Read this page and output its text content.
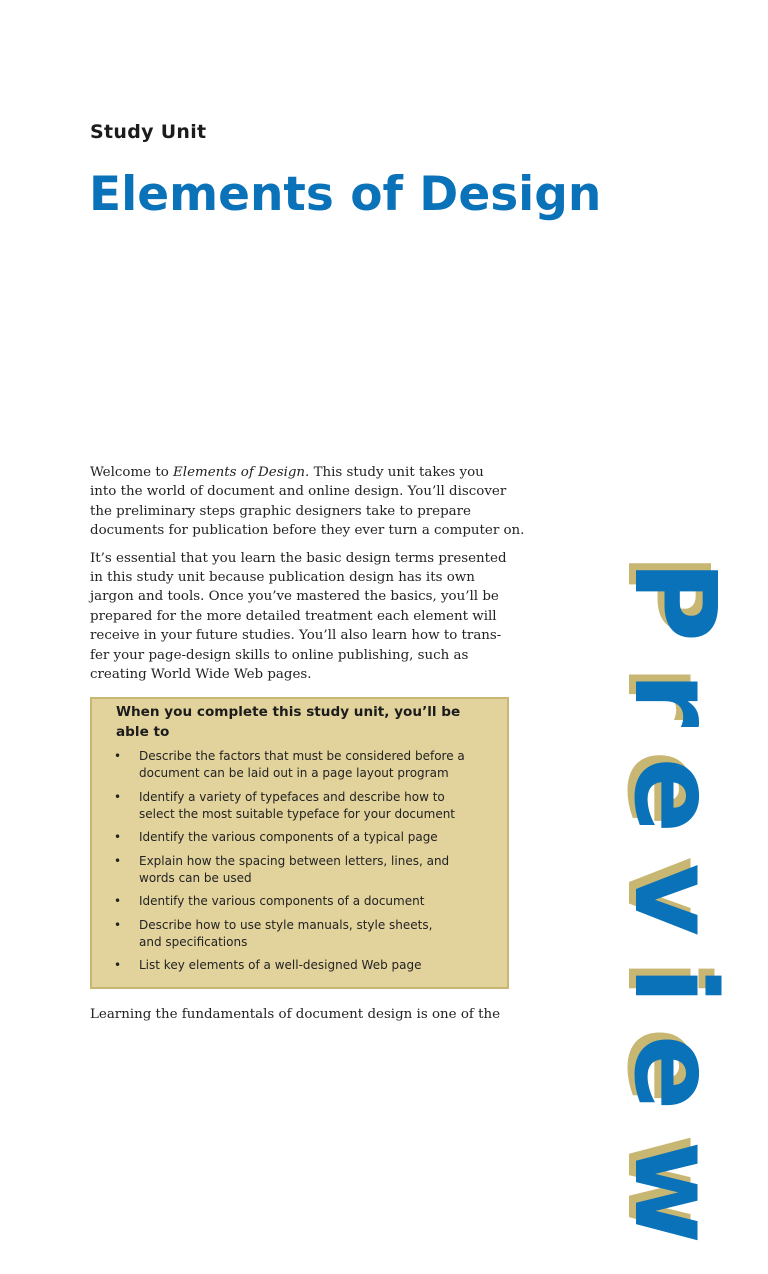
Study Unit
Elements of Design

Welcome to Elements of Design. This study unit takes you
into the world of document and online design. You’ll discover
the preliminary steps graphic designers take to prepare
documents for publication before they ever turn a computer on.

It’s essential that you learn the basic design terms presented
in this study unit because publication design has its own
jargon and tools. Once you’ve mastered the basics, you’ll be
prepared for the more detailed treatment each element will
receive in your future studies. You’ll also learn how to trans-
fer your page-design skills to online publishing, such as
creating World Wide Web pages.

When you complete this study unit, you’ll be
able to
• Describe the factors that must be considered before a
document can be laid out in a page layout program
• Identify a variety of typefaces and describe how to
select the most suitable typeface for your document
• Identify the various components of a typical page
• Explain how the spacing between letters, lines, and
words can be used
• Identify the various components of a document
• Describe how to use style manuals, style sheets,
and specifications
• List key elements of a well-designed Web page
Learning the fundamentals of document design is one of the Preview
